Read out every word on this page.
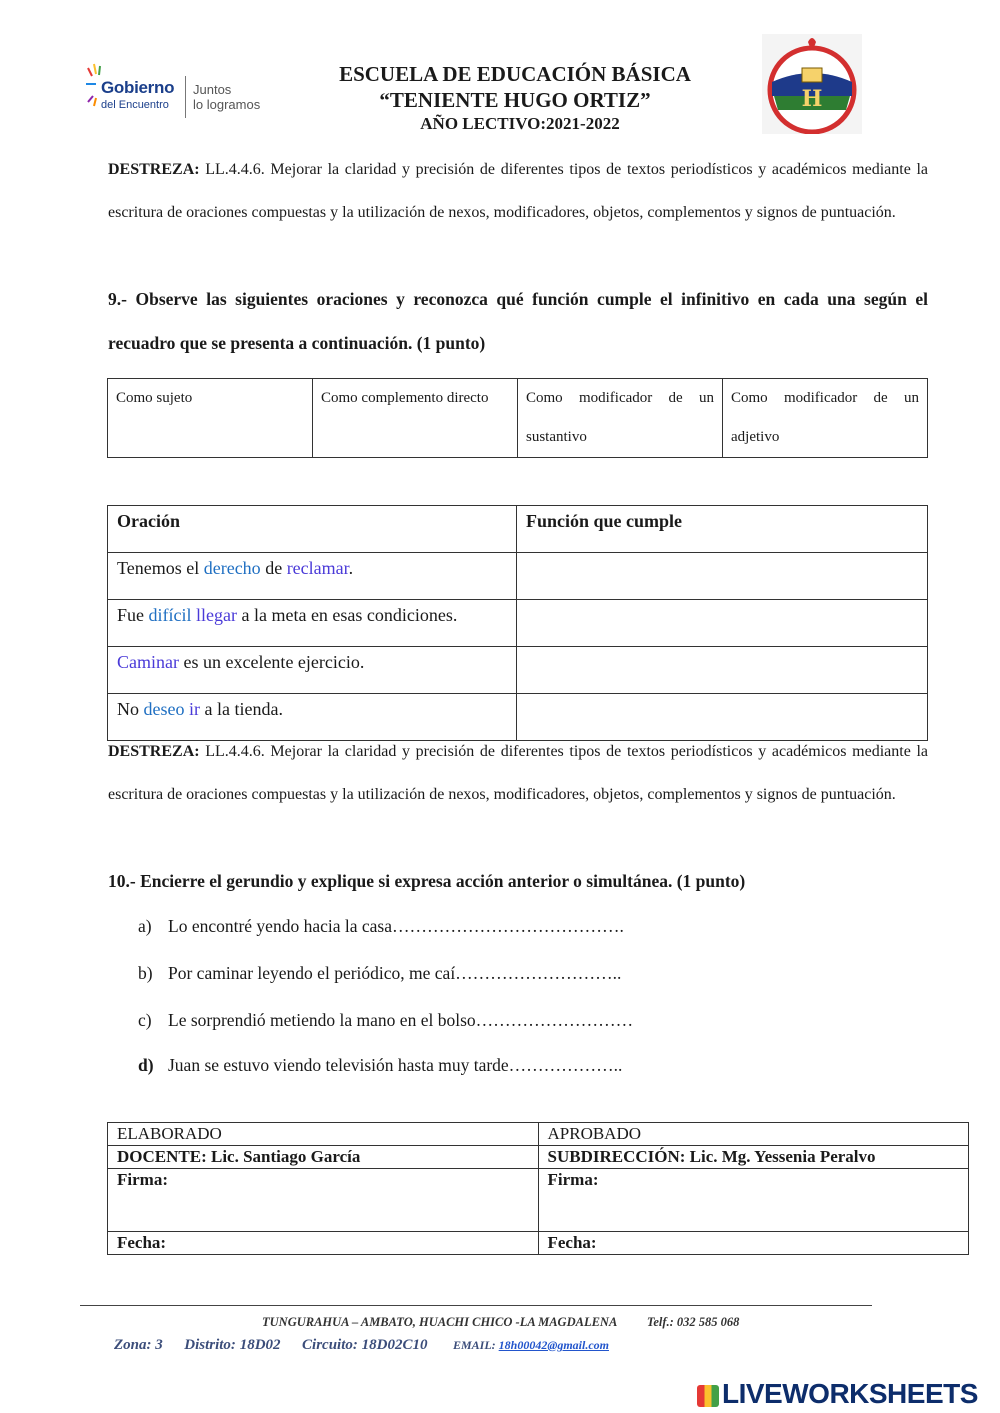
Gobierno
del Encuentro
Juntos
lo logramos
ESCUELA DE EDUCACIÓN BÁSICA
“TENIENTE HUGO ORTIZ”
AÑO LECTIVO:2021-2022
H
DESTREZA: LL.4.4.6. Mejorar la claridad y precisión de diferentes tipos de textos periodísticos y académicos mediante la escritura de oraciones compuestas y la utilización de nexos, modificadores, objetos, complementos y signos de puntuación.
9.- Observe las siguientes oraciones y reconozca qué función cumple el infinitivo en cada una según el recuadro que se presenta a continuación. (1 punto)
Como sujeto	Como complemento directo	Como modificador de un sustantivo	Como modificador de un adjetivo
Oración	Función que cumple
Tenemos el derecho de reclamar.	
Fue difícil llegar a la meta en esas condiciones.	
Caminar es un excelente ejercicio.	
No deseo ir a la tienda.	
DESTREZA: LL.4.4.6. Mejorar la claridad y precisión de diferentes tipos de textos periodísticos y académicos mediante la escritura de oraciones compuestas y la utilización de nexos, modificadores, objetos, complementos y signos de puntuación.
10.- Encierre el gerundio y explique si expresa acción anterior o simultánea. (1 punto)
a) Lo encontré yendo hacia la casa………………………………….
b) Por caminar leyendo el periódico, me caí………………………..
c) Le sorprendió metiendo la mano en el bolso………………………
d) Juan se estuvo viendo televisión hasta muy tarde………………..
ELABORADO	APROBADO
DOCENTE: Lic. Santiago García	SUBDIRECCIÓN: Lic. Mg. Yessenia Peralvo
Firma:	Firma:
Fecha:	Fecha:
TUNGURAHUA – AMBATO, HUACHI CHICO -LA MAGDALENA Telf.: 032 585 068
Zona: 3 Distrito: 18D02 Circuito: 18D02C10 EMAIL: 18h00042@gmail.com
LIVEWORKSHEETS
